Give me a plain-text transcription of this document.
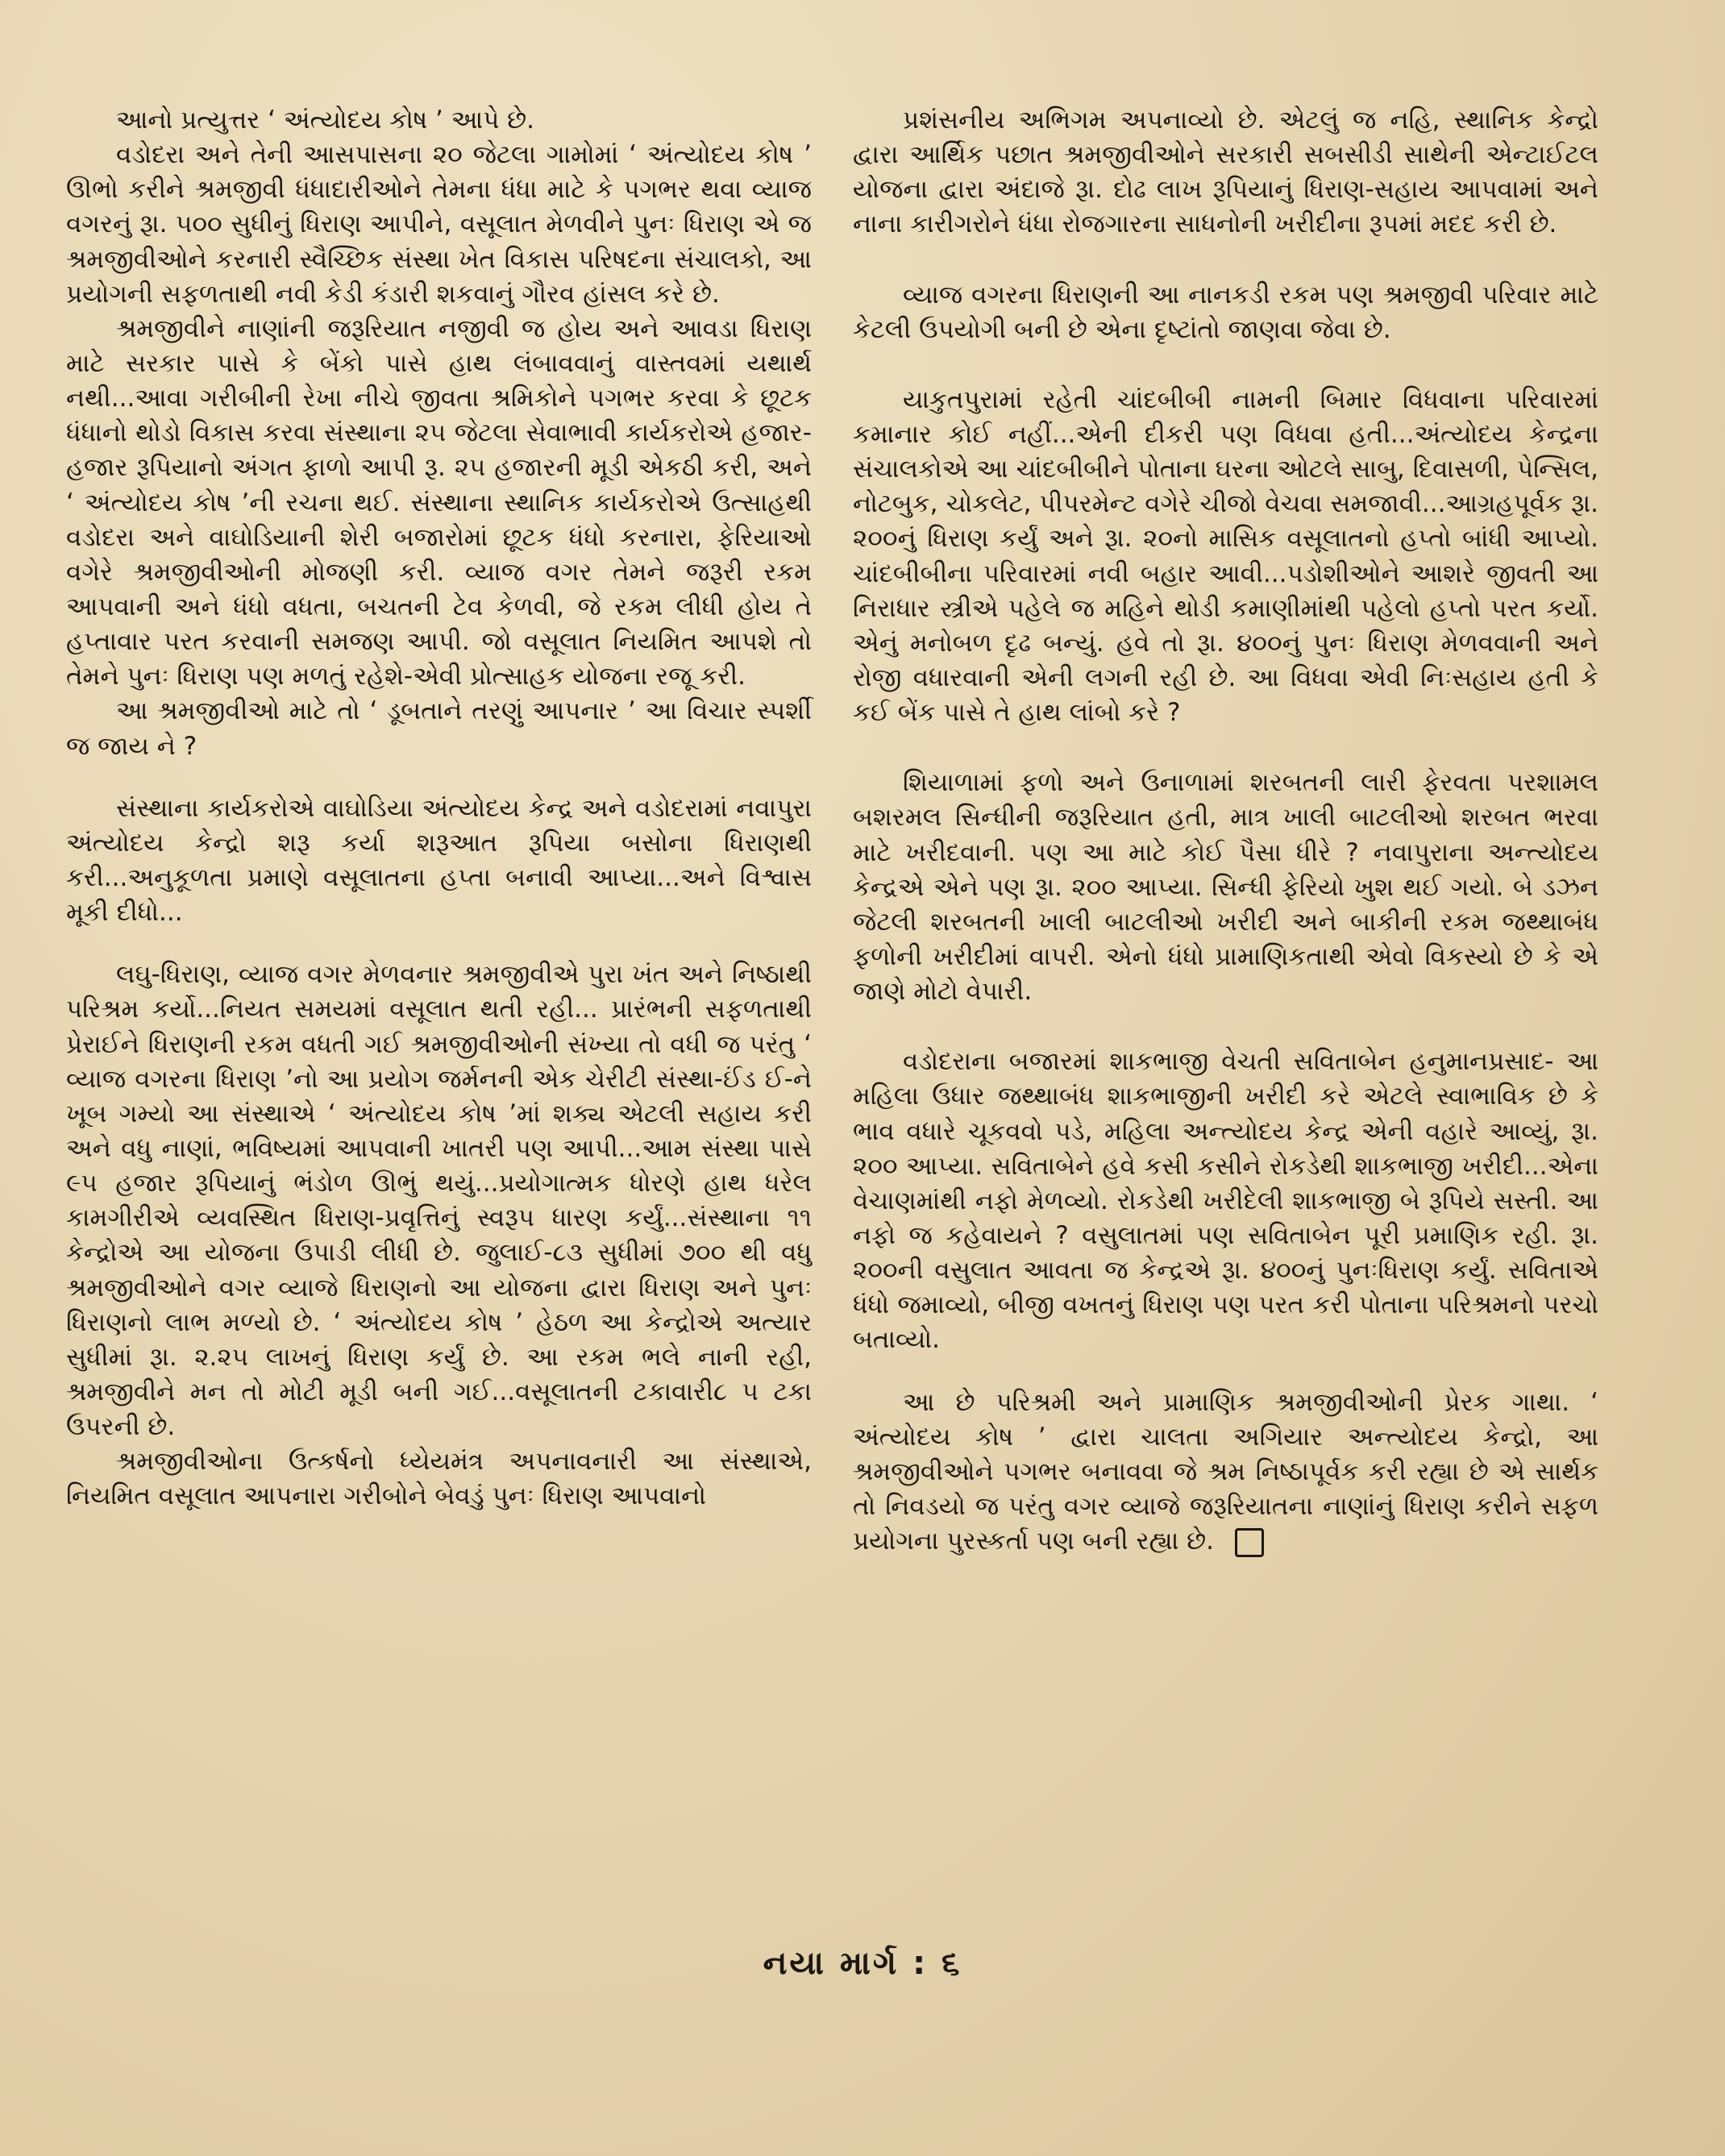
આનો પ્રત્યુત્તર ‘ અંત્યોદય કોષ ’ આપે છે.

વડોદરા અને તેની આસપાસના ૨૦ જેટલા ગામોમાં ‘ અંત્યોદય કોષ ’ ઊભો કરીને શ્રમજીવી ધંધાદારીઓને તેમના ધંધા માટે કે પગભર થવા વ્યાજ વગરનું રૂા. ૫૦૦ સુધીનું ધિરાણ આપીને, વસૂલાત મેળવીને પુનઃ ધિરાણ એ જ શ્રમજીવીઓને કરનારી સ્વૈચ્છિક સંસ્થા ખેત વિકાસ પરિષદના સંચાલકો, આ પ્રયોગની સફળતાથી નવી કેડી કંડારી શકવાનું ગૌરવ હાંસલ કરે છે.

શ્રમજીવીને નાણાંની જરૂરિયાત નજીવી જ હોય અને આવડા ધિરાણ માટે સરકાર પાસે કે બેંકો પાસે હાથ લંબાવવાનું વાસ્તવમાં યથાર્થ નથી...આવા ગરીબીની રેખા નીચે જીવતા શ્રમિકોને પગભર કરવા કે છૂટક ધંધાનો થોડો વિકાસ કરવા સંસ્થાના ૨૫ જેટલા સેવાભાવી કાર્યકરોએ હજાર-હજાર રૂપિયાનો અંગત ફાળો આપી રૂ. ૨૫ હજારની મૂડી એકઠી કરી, અને ‘ અંત્યોદય કોષ ’ની રચના થઈ. સંસ્થાના સ્થાનિક કાર્યકરોએ ઉત્સાહથી વડોદરા અને વાઘોડિયાની શેરી બજારોમાં છૂટક ધંધો કરનારા, ફેરિયાઓ વગેરે શ્રમજીવીઓની મોજણી કરી. વ્યાજ વગર તેમને જરૂરી રકમ આપવાની અને ધંધો વધતા, બચતની ટેવ કેળવી, જે રકમ લીધી હોય તે હપ્તાવાર પરત કરવાની સમજણ આપી. જો વસૂલાત નિયમિત આપશે તો તેમને પુનઃ ધિરાણ પણ મળતું રહેશે-એવી પ્રોત્સાહક યોજના રજૂ કરી.

આ શ્રમજીવીઓ માટે તો ‘ ડૂબતાને તરણું આપનાર ’ આ વિચાર સ્પર્શી જ જાય ને ?

સંસ્થાના કાર્યકરોએ વાઘોડિયા અંત્યોદય કેન્દ્ર અને વડોદરામાં નવાપુરા અંત્યોદય કેન્દ્રો શરૂ કર્યા શરૂઆત રૂપિયા બસોના ધિરાણથી કરી...અનુકૂળતા પ્રમાણે વસૂલાતના હપ્તા બનાવી આપ્યા...અને વિશ્વાસ મૂકી દીધો...

લઘુ-ધિરાણ, વ્યાજ વગર મેળવનાર શ્રમજીવીએ પુરા ખંત અને નિષ્ઠાથી પરિશ્રમ કર્યો...નિયત સમયમાં વસૂલાત થતી રહી... પ્રારંભની સફળતાથી પ્રેરાઈને ધિરાણની રકમ વધતી ગઈ શ્રમજીવીઓની સંખ્યા તો વધી જ પરંતુ ‘ વ્યાજ વગરના ધિરાણ ’નો આ પ્રયોગ જર્મનની એક ચેરીટી સંસ્થા-ઈંડ ઈ-ને ખૂબ ગમ્યો આ સંસ્થાએ ‘ અંત્યોદય કોષ ’માં શક્ય એટલી સહાય કરી અને વધુ નાણાં, ભવિષ્યમાં આપવાની ખાતરી પણ આપી...આમ સંસ્થા પાસે ૯૫ હજાર રૂપિયાનું ભંડોળ ઊભું થયું...પ્રયોગાત્મક ધોરણે હાથ ધરેલ કામગીરીએ વ્યવસ્થિત ધિરાણ-પ્રવૃત્તિનું સ્વરૂપ ધારણ કર્યું...સંસ્થાના ૧૧ કેન્દ્રોએ આ યોજના ઉપાડી લીધી છે. જુલાઈ-૮૩ સુધીમાં ૭૦૦ થી વધુ શ્રમજીવીઓને વગર વ્યાજે ધિરાણનો આ યોજના દ્વારા ધિરાણ અને પુનઃ ધિરાણનો લાભ મળ્યો છે. ‘ અંત્યોદય કોષ ’ હેઠળ આ કેન્દ્રોએ અત્યાર સુધીમાં રૂા. ૨.૨૫ લાખનું ધિરાણ કર્યું છે. આ રકમ ભલે નાની રહી, શ્રમજીવીને મન તો મોટી મૂડી બની ગઈ...વસૂલાતની ટકાવારી૮ ૫ ટકા ઉપરની છે.

શ્રમજીવીઓના ઉત્કર્ષનો ધ્યેયમંત્ર અપનાવનારી આ સંસ્થાએ, નિયમિત વસૂલાત આપનારા ગરીબોને બેવડું પુનઃ ધિરાણ આપવાનો

પ્રશંસનીય અભિગમ અપનાવ્યો છે. એટલું જ નહિ, સ્થાનિક કેન્દ્રો દ્વારા આર્થિક પછાત શ્રમજીવીઓને સરકારી સબસીડી સાથેની એન્ટાઈટલ યોજના દ્વારા અંદાજે રૂા. દોઢ લાખ રૂપિયાનું ધિરાણ-સહાય આપવામાં અને નાના કારીગરોને ધંધા રોજગારના સાધનોની ખરીદીના રૂપમાં મદદ કરી છે.

વ્યાજ વગરના ધિરાણની આ નાનકડી રકમ પણ શ્રમજીવી પરિવાર માટે કેટલી ઉપયોગી બની છે એના દૃષ્ટાંતો જાણવા જેવા છે.

યાકુતપુરામાં રહેતી ચાંદબીબી નામની બિમાર વિધવાના પરિવારમાં કમાનાર કોઈ નહીં...એની દીકરી પણ વિધવા હતી...અંત્યોદય કેન્દ્રના સંચાલકોએ આ ચાંદબીબીને પોતાના ઘરના ઓટલે સાબુ, દિવાસળી, પેન્સિલ, નોટબુક, ચોકલેટ, પીપરમેન્ટ વગેરે ચીજો વેચવા સમજાવી...આગ્રહપૂર્વક રૂા. ૨૦૦નું ધિરાણ કર્યું અને રૂા. ૨૦નો માસિક વસૂલાતનો હપ્તો બાંધી આપ્યો. ચાંદબીબીના પરિવારમાં નવી બહાર આવી...પડોશીઓને આશરે જીવતી આ નિરાધાર સ્ત્રીએ પહેલે જ મહિને થોડી કમાણીમાંથી પહેલો હપ્તો પરત કર્યો. એનું મનોબળ દૃઢ બન્યું. હવે તો રૂા. ૪૦૦નું પુનઃ ધિરાણ મેળવવાની અને રોજી વધારવાની એની લગની રહી છે. આ વિધવા એવી નિઃસહાય હતી કે કઈ બેંક પાસે તે હાથ લાંબો કરે ?

શિયાળામાં ફળો અને ઉનાળામાં શરબતની લારી ફેરવતા પરશામલ બશરમલ સિન્ધીની જરૂરિયાત હતી, માત્ર ખાલી બાટલીઓ શરબત ભરવા માટે ખરીદવાની. પણ આ માટે કોઈ પૈસા ધીરે ? નવાપુરાના અન્ત્યોદય કેન્દ્રએ એને પણ રૂા. ૨૦૦ આપ્યા. સિન્ધી ફેરિયો ખુશ થઈ ગયો. બે ડઝન જેટલી શરબતની ખાલી બાટલીઓ ખરીદી અને બાકીની રકમ જથ્થાબંધ ફળોની ખરીદીમાં વાપરી. એનો ધંધો પ્રામાણિકતાથી એવો વિકસ્યો છે કે એ જાણે મોટો વેપારી.

વડોદરાના બજારમાં શાકભાજી વેચતી સવિતાબેન હનુમાનપ્રસાદ- આ મહિલા ઉધાર જથ્થાબંધ શાકભાજીની ખરીદી કરે એટલે સ્વાભાવિક છે કે ભાવ વધારે ચૂકવવો પડે, મહિલા અન્ત્યોદય કેન્દ્ર એની વહારે આવ્યું, રૂા. ૨૦૦ આપ્યા. સવિતાબેને હવે કસી કસીને રોકડેથી શાકભાજી ખરીદી...એના વેચાણમાંથી નફો મેળવ્યો. રોકડેથી ખરીદેલી શાકભાજી બે રૂપિયે સસ્તી. આ નફો જ કહેવાયને ? વસુલાતમાં પણ સવિતાબેન પૂરી પ્રમાણિક રહી. રૂા. ૨૦૦ની વસુલાત આવતા જ કેન્દ્રએ રૂા. ૪૦૦નું પુનઃધિરાણ કર્યું. સવિતાએ ધંધો જમાવ્યો, બીજી વખતનું ધિરાણ પણ પરત કરી પોતાના પરિશ્રમનો પરચો બતાવ્યો.

આ છે પરિશ્રમી અને પ્રામાણિક શ્રમજીવીઓની પ્રેરક ગાથા. ‘ અંત્યોદય કોષ ’ દ્વારા ચાલતા અગિયાર અન્ત્યોદય કેન્દ્રો, આ શ્રમજીવીઓને પગભર બનાવવા જે શ્રમ નિષ્ઠાપૂર્વક કરી રહ્યા છે એ સાર્થક તો નિવડયો જ પરંતુ વગર વ્યાજે જરૂરિયાતના નાણાંનું ધિરાણ કરીને સફળ પ્રયોગના પુરસ્કર્તા પણ બની રહ્યા છે.

નયા માર્ગ : ૬
